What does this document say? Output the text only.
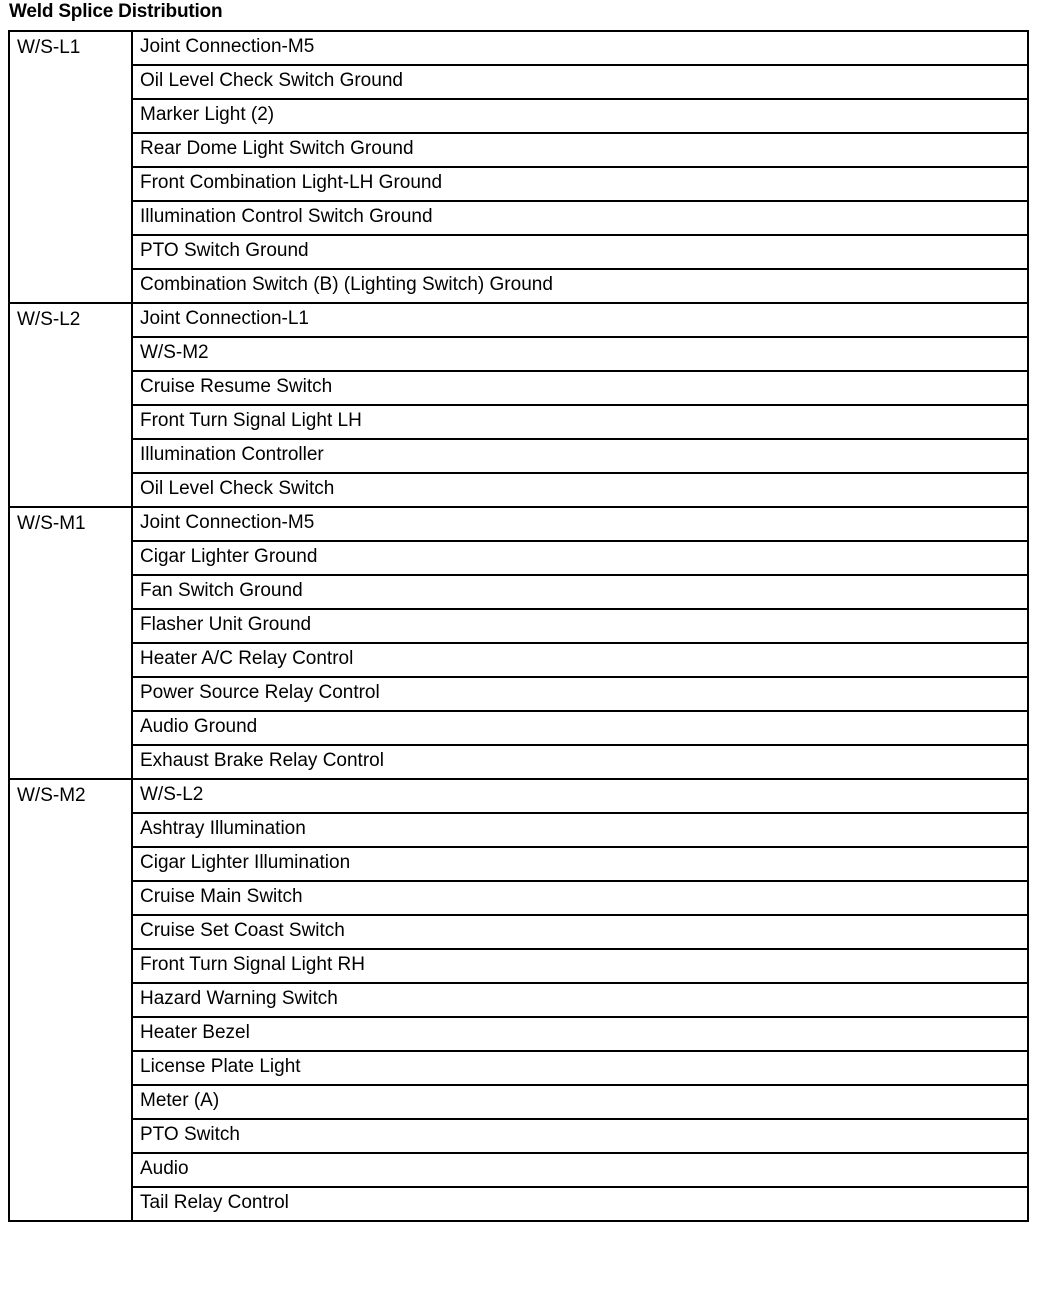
Weld Splice Distribution
W/S-L1	Joint Connection-M5
	Oil Level Check Switch Ground
	Marker Light (2)
	Rear Dome Light Switch Ground
	Front Combination Light-LH Ground
	Illumination Control Switch Ground
	PTO Switch Ground
	Combination Switch (B) (Lighting Switch) Ground
W/S-L2	Joint Connection-L1
	W/S-M2
	Cruise Resume Switch
	Front Turn Signal Light LH
	Illumination Controller
	Oil Level Check Switch
W/S-M1	Joint Connection-M5
	Cigar Lighter Ground
	Fan Switch Ground
	Flasher Unit Ground
	Heater A/C Relay Control
	Power Source Relay Control
	Audio Ground
	Exhaust Brake Relay Control
W/S-M2	W/S-L2
	Ashtray Illumination
	Cigar Lighter Illumination
	Cruise Main Switch
	Cruise Set Coast Switch
	Front Turn Signal Light RH
	Hazard Warning Switch
	Heater Bezel
	License Plate Light
	Meter (A)
	PTO Switch
	Audio
	Tail Relay Control
